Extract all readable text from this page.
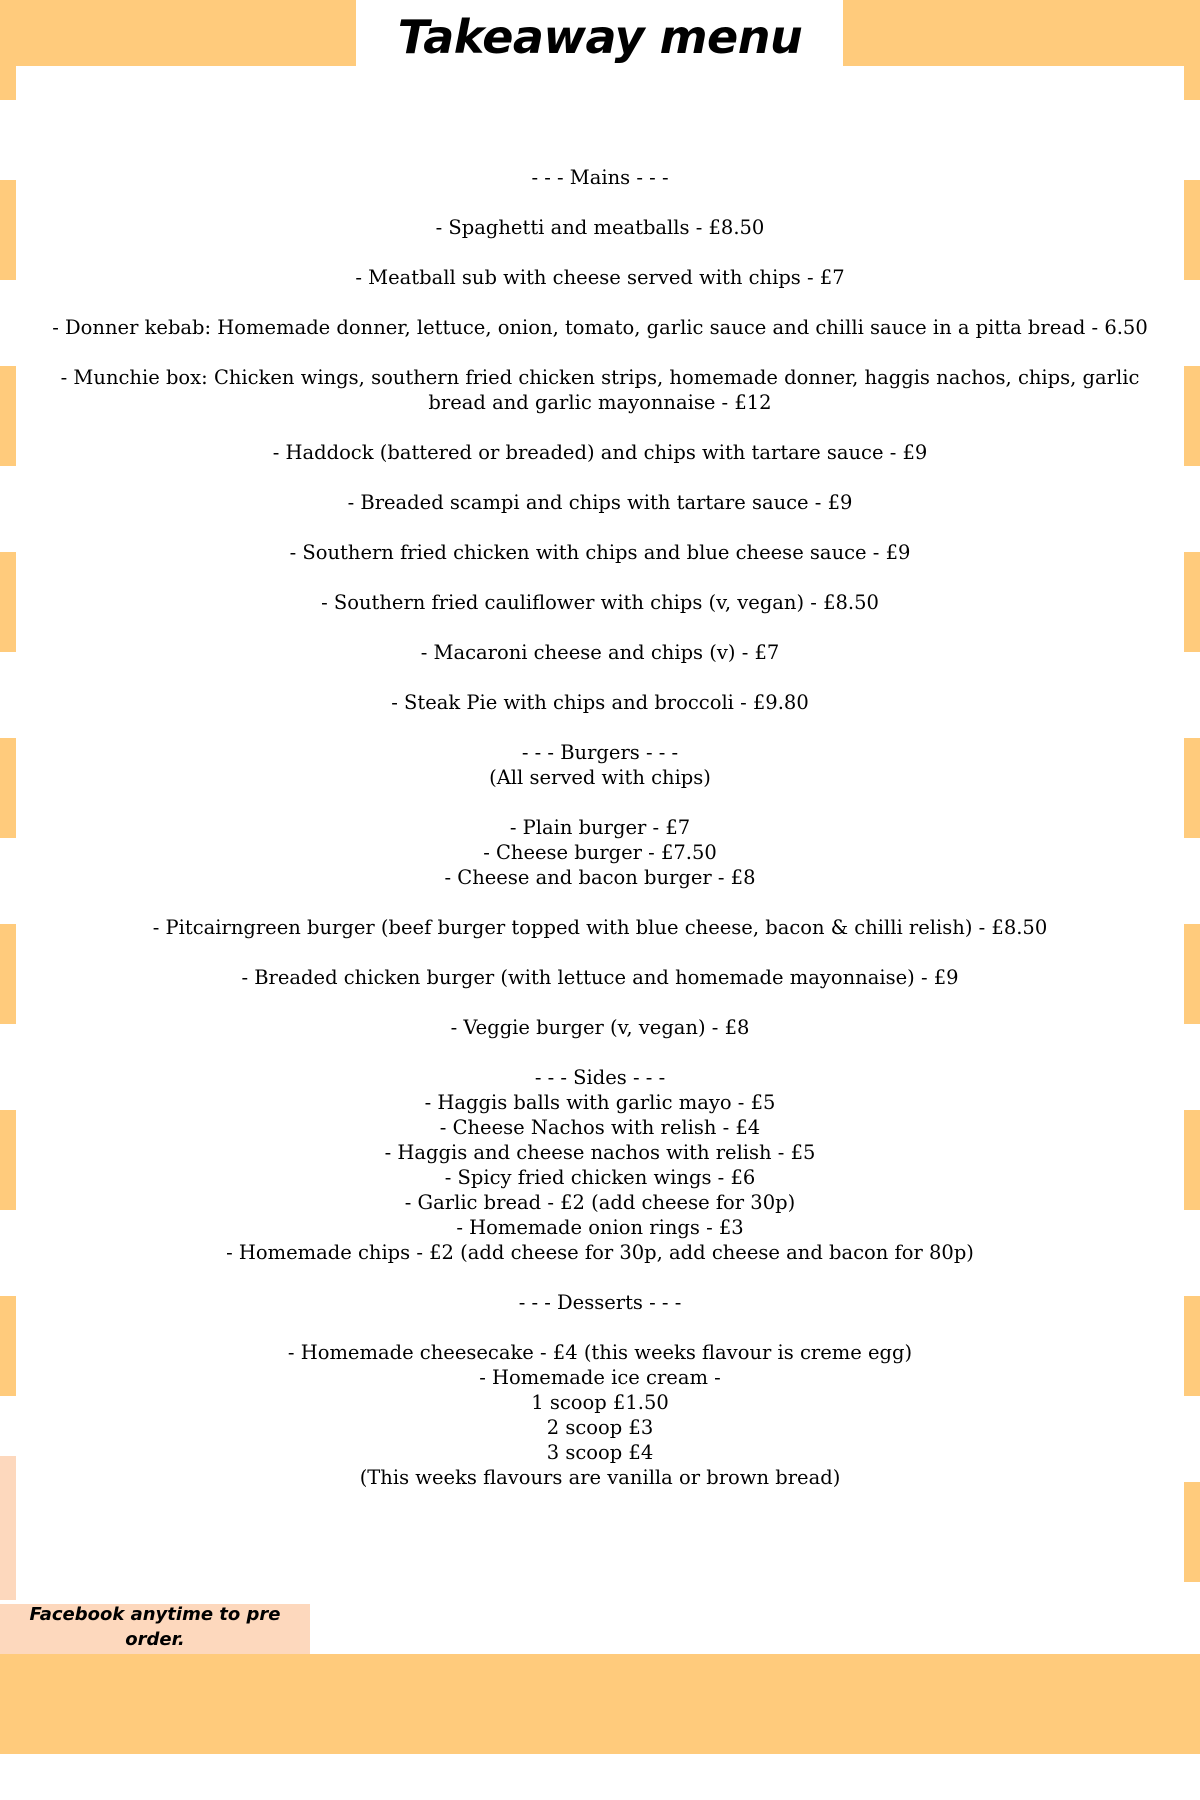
Takeaway menu
Facebook anytime to pre order.
- - - Mains - - -
- Spaghetti and meatballs - £8.50
- Meatball sub with cheese served with chips - £7
- Donner kebab: Homemade donner, lettuce, onion, tomato, garlic sauce and chilli sauce in a pitta bread - 6.50
- Munchie box: Chicken wings, southern fried chicken strips, homemade donner, haggis nachos, chips, garlic bread and garlic mayonnaise - £12
- Haddock (battered or breaded) and chips with tartare sauce - £9
- Breaded scampi and chips with tartare sauce - £9
- Southern fried chicken with chips and blue cheese sauce - £9
- Southern fried cauliflower with chips (v, vegan) - £8.50
- Macaroni cheese and chips (v) - £7
- Steak Pie with chips and broccoli - £9.80
- - - Burgers - - -
(All served with chips)
- Plain burger - £7
- Cheese burger - £7.50
- Cheese and bacon burger - £8
- Pitcairngreen burger (beef burger topped with blue cheese, bacon & chilli relish) - £8.50
- Breaded chicken burger (with lettuce and homemade mayonnaise) - £9
- Veggie burger (v, vegan) - £8
- - - Sides - - -
- Haggis balls with garlic mayo - £5
- Cheese Nachos with relish - £4
- Haggis and cheese nachos with relish - £5
- Spicy fried chicken wings - £6
- Garlic bread - £2 (add cheese for 30p)
- Homemade onion rings - £3
- Homemade chips - £2 (add cheese for 30p, add cheese and bacon for 80p)
- - - Desserts - - -
- Homemade cheesecake - £4 (this weeks flavour is creme egg)
- Homemade ice cream -
1 scoop £1.50
2 scoop £3
3 scoop £4
(This weeks flavours are vanilla or brown bread)
